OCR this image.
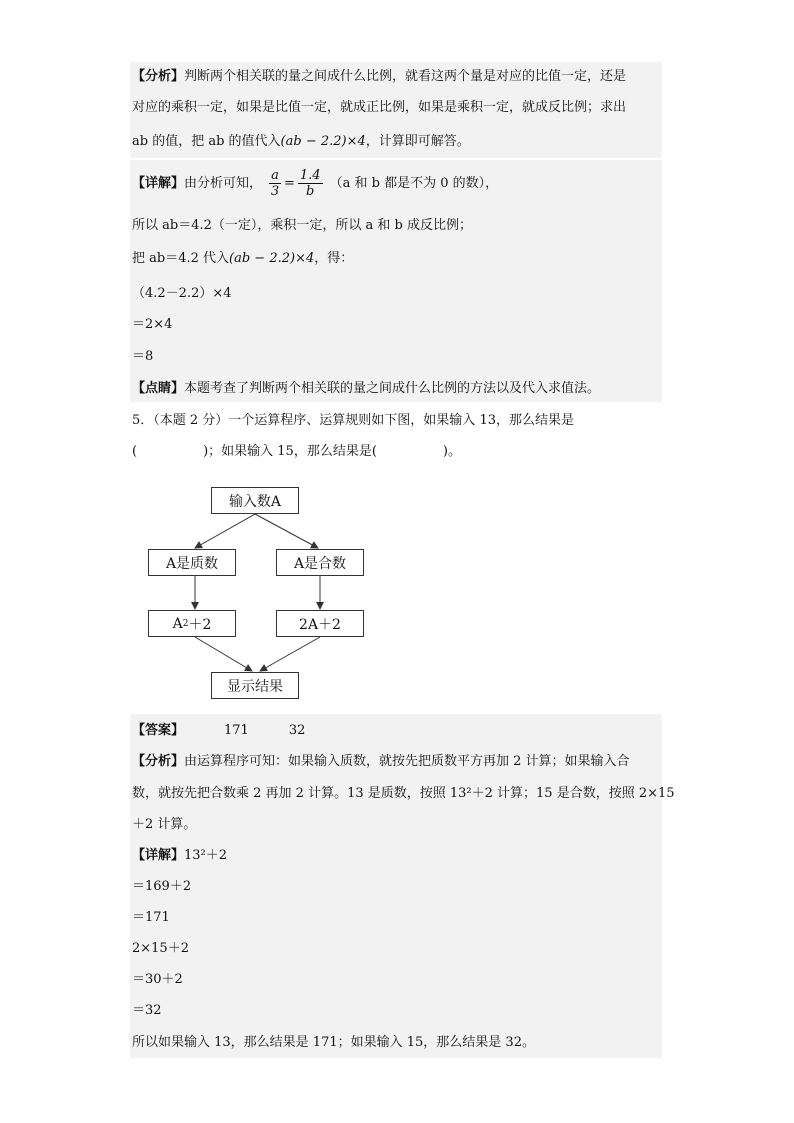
【分析】判断两个相关联的量之间成什么比例，就看这两个量是对应的比值一定，还是
对应的乘积一定，如果是比值一定，就成正比例，如果是乘积一定，就成反比例；求出
ab 的值，把 ab 的值代入(ab − 2.2)×4，计算即可解答。
【详解】由分析可知， $\frac{a}{3} = \frac{1.4}{b} (a$ 和 b 都是不为 0 的数），
所以 ab＝4.2（一定），乘积一定，所以 a 和 b 成反比例；
把 ab＝4.2 代入(ab − 2.2)×4，得：
（4.2－2.2）×4
＝2×4
＝8
【点睛】本题考查了判断两个相关联的量之间成什么比例的方法以及代入求值法。
5．（本题 2 分）一个运算程序、运算规则如下图，如果输入 13，那么结果是
(	)；如果输入 15，那么结果是(	)。
输入数A
A是质数	A是合数
A 2 ＋2	2A＋2
显示结果
【答案】	171	32
【分析】由运算程序可知：如果输入质数，就按先把质数平方再加 2 计算；如果输入合
数，就按先把合数乘 2 再加 2 计算。13 是质数，按照 13²＋2 计算；15 是合数，按照 2×15
＋2 计算。
【详解】13²＋2
＝169＋2
＝171
2×15＋2
＝30＋2
＝32
所以如果输入 13，那么结果是 171；如果输入 15，那么结果是 32。
